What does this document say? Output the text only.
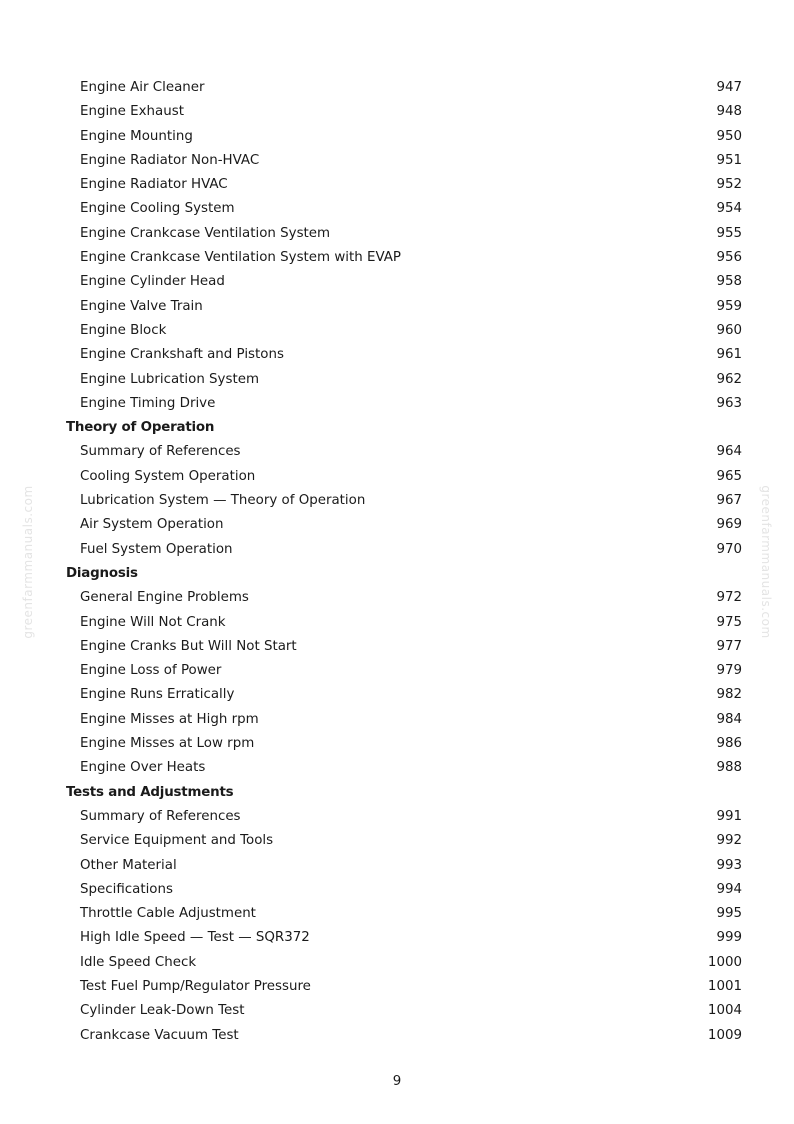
greenfarmmanuals.com	greenfarmmanuals.com
Engine Air Cleaner	947
Engine Exhaust	948
Engine Mounting	950
Engine Radiator Non-HVAC	951
Engine Radiator HVAC	952
Engine Cooling System	954
Engine Crankcase Ventilation System	955
Engine Crankcase Ventilation System with EVAP	956
Engine Cylinder Head	958
Engine Valve Train	959
Engine Block	960
Engine Crankshaft and Pistons	961
Engine Lubrication System	962
Engine Timing Drive	963
Theory of Operation
Summary of References	964
Cooling System Operation	965
Lubrication System — Theory of Operation	967
Air System Operation	969
Fuel System Operation	970
Diagnosis
General Engine Problems	972
Engine Will Not Crank	975
Engine Cranks But Will Not Start	977
Engine Loss of Power	979
Engine Runs Erratically	982
Engine Misses at High rpm	984
Engine Misses at Low rpm	986
Engine Over Heats	988
Tests and Adjustments
Summary of References	991
Service Equipment and Tools	992
Other Material	993
Specifications	994
Throttle Cable Adjustment	995
High Idle Speed — Test — SQR372	999
Idle Speed Check	1000
Test Fuel Pump/Regulator Pressure	1001
Cylinder Leak-Down Test	1004
Crankcase Vacuum Test	1009
9
